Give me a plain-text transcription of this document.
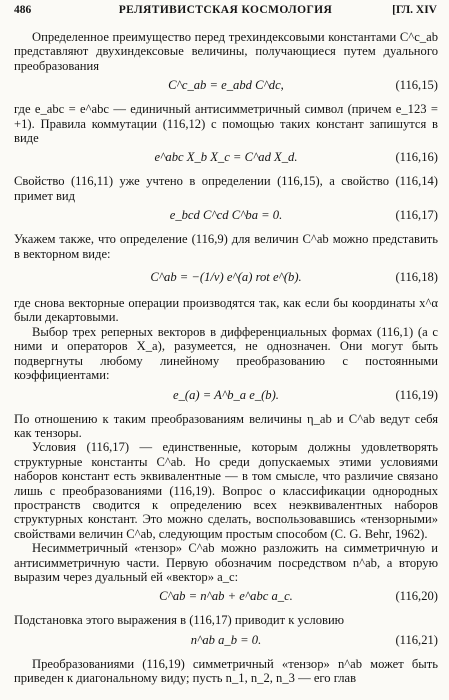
486	РЕЛЯТИВИСТСКАЯ КОСМОЛОГИЯ	[ГЛ. XIV

Определенное преимущество перед трехиндексовыми константами C^c_ab представляют двухиндексовые величины, получающиеся путем дуального преобразования

C^c_ab = e_abd C^dc,	(116,15)

где e_abc = e^abc — единичный антисимметричный символ (причем e_123 = +1). Правила коммутации (116,12) с помощью таких констант запишутся в виде

e^abc X_b X_c = C^ad X_d.	(116,16)

Свойство (116,11) уже учтено в определении (116,15), а свойство (116,14) примет вид

e_bcd C^cd C^ba = 0.	(116,17)

Укажем также, что определение (116,9) для величин C^ab можно представить в векторном виде:

C^ab = −(1/v) e^(a) rot e^(b).	(116,18)

где снова векторные операции производятся так, как если бы координаты x^α были декартовыми.

Выбор трех реперных векторов в дифференциальных формах (116,1) (а с ними и операторов X_a), разумеется, не однозначен. Они могут быть подвергнуты любому линейному преобразованию с постоянными коэффициентами:

e_(a) = A^b_a e_(b).	(116,19)

По отношению к таким преобразованиям величины η_ab и C^ab ведут себя как тензоры.

Условия (116,17) — единственные, которым должны удовлетворять структурные константы C^ab. Но среди допускаемых этими условиями наборов констант есть эквивалентные — в том смысле, что различие связано лишь с преобразованиями (116,19). Вопрос о классификации однородных пространств сводится к определению всех неэквивалентных наборов структурных констант. Это можно сделать, воспользовавшись «тензорными» свойствами величин C^ab, следующим простым способом (C. G. Behr, 1962).

Несимметричный «тензор» C^ab можно разложить на симметричную и антисимметричную части. Первую обозначим посредством n^ab, а вторую выразим через дуальный ей «вектор» a_c:

C^ab = n^ab + e^abc a_c.	(116,20)

Подстановка этого выражения в (116,17) приводит к условию

n^ab a_b = 0.	(116,21)

Преобразованиями (116,19) симметричный «тензор» n^ab может быть приведен к диагональному виду; пусть n_1, n_2, n_3 — его глав
